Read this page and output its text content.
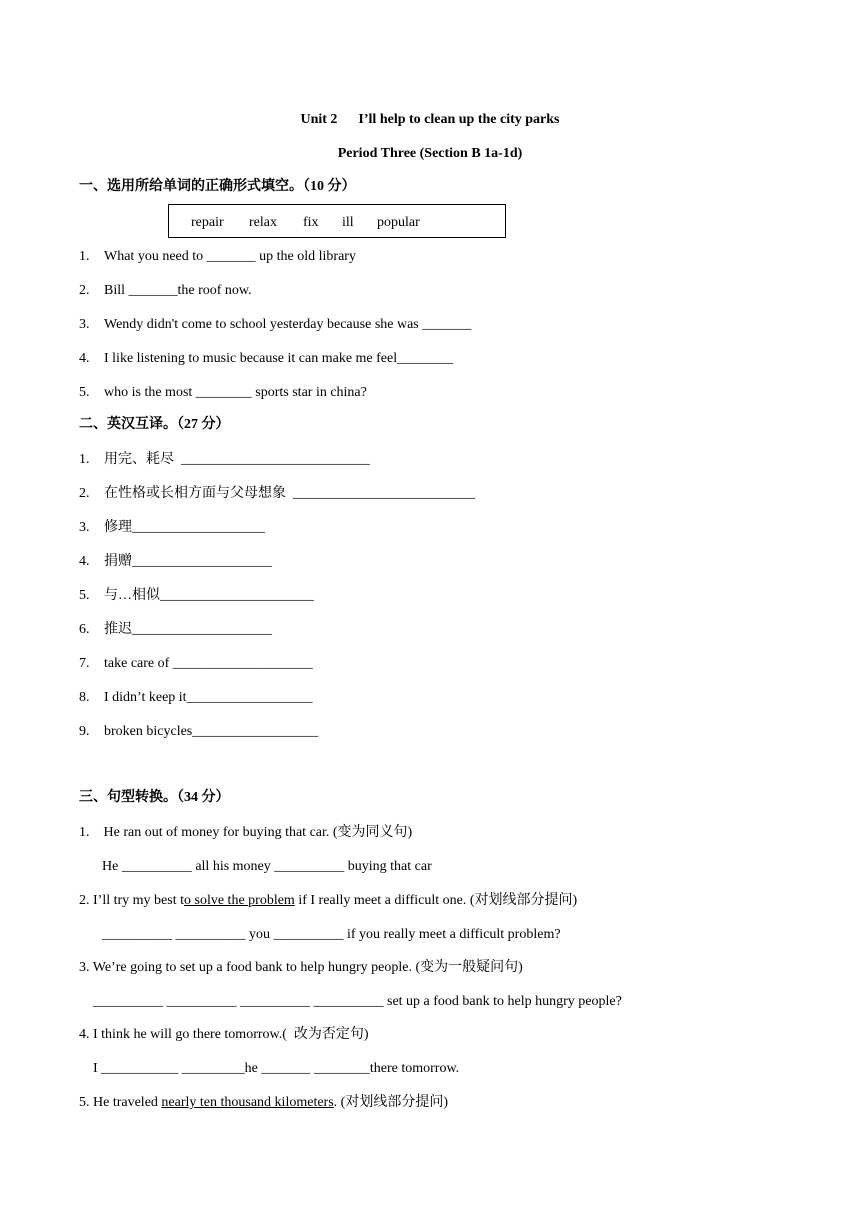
Unit 2      I’ll help to clean up the city parks
Period Three (Section B 1a-1d)
一、选用所给单词的正确形式填空。（10 分）
repair relax fix ill popular
1.	What you need to _______ up the old library
2.	Bill _______the roof now.
3.	Wendy didn't come to school yesterday because she was _______
4.	I like listening to music because it can make me feel________
5.	who is the most ________ sports star in china?
二、英汉互译。（27 分）
1.	用完、耗尽  ___________________________
2.	在性格或长相方面与父母想象  __________________________
3.	修理___________________
4.	捐赠____________________
5.	与…相似______________________
6.	推迟____________________
7.	take care of ____________________
8.	I didn’t keep it__________________
9.	broken bicycles__________________
三、句型转换。（34 分）
1.    He ran out of money for buying that car. (变为同义句)
He __________ all his money __________ buying that car
2. I’ll try my best to solve the problem if I really meet a difficult one. (对划线部分提问)
__________ __________ you __________ if you really meet a difficult problem?
3. We’re going to set up a food bank to help hungry people. (变为一般疑问句)
__________ __________ __________ __________ set up a food bank to help hungry people?
4. I think he will go there tomorrow.(  改为否定句)
I ___________ _________he _______ ________there tomorrow.
5. He traveled nearly ten thousand kilometers. (对划线部分提问)
